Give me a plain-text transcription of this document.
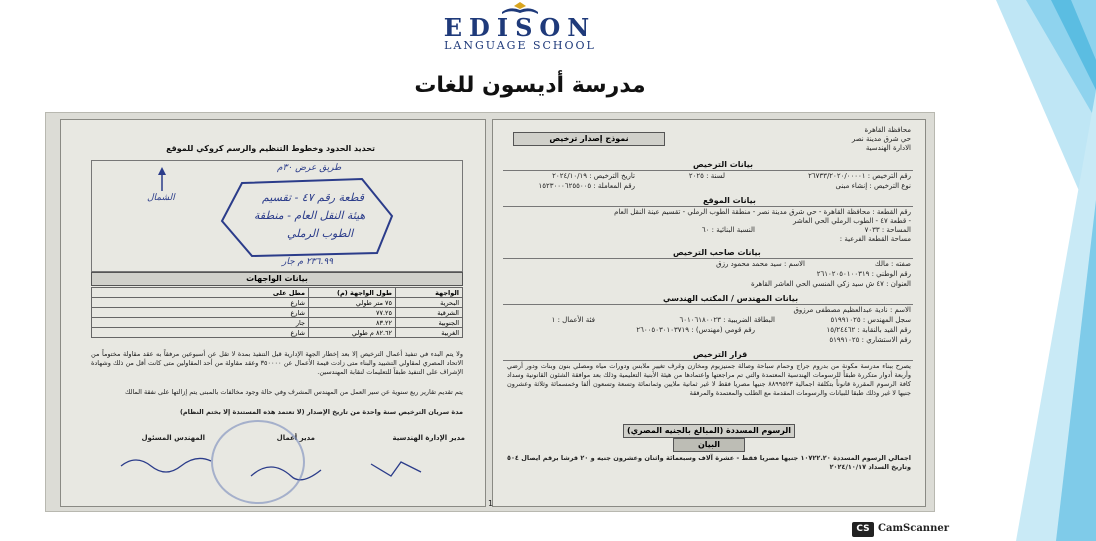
EDISON
LANGUAGE SCHOOL
مدرسة أديسون للغات
تحديد الحدود وخطوط التنظيم والرسم كروكي للموقع
طريق عرض ٣٠م
الشمال	قطعة رقم ٤٧ - تقسيم
هيئة النقل العام - منطقة
الطوب الرملي
٢٣٦.٩٩ م جار
بيانات الواجهات
الواجهة	طول الواجهة (م)	مطل على
البحرية	٧٥ متر طولي	شارع
الشرقية	٧٧.٢٥	شارع
الجنوبية	٨٣.٢٢	جار
الغربية	٨٢.٦٢ م طولي	شارع
ولا يتم البدء في تنفيذ أعمال الترخيص إلا بعد إخطار الجهة الإدارية قبل التنفيذ بمدة لا تقل عن أسبوعين مرفقاً به عقد مقاولة مختوماً من الاتحاد المصري لمقاولي التشييد والبناء متى زادت قيمة الأعمال عن ٣٥٠٠٠٠ وعقد مقاولة من أحد المقاولين متى كانت أقل من ذلك وشهادة الإشراف على التنفيذ طبقاً للتعليمات لنقابة المهندسين.
يتم تقديم تقارير ربع سنوية عن سير العمل من المهندس المشرف وفي حالة وجود مخالفات بالمبنى يتم إزالتها على نفقة المالك
مدة سريان الترخيص سنة واحدة من تاريخ الإصدار (لا تعتمد هذه المستندة إلا بختم النظام)
مدير الإدارة الهندسية
مدير أعمال
المهندس المسئول
محافظة القاهرة
حي شرق مدينة نصر
الادارة الهندسية
نموذج إصدار ترخيص
بيانات الترخيص
رقم الترخيص : ٢٦٧٣٣/٢٠٢٠/٠٠٠٠١
لسنة : ٢٠٢٥
تاريخ الترخيص : ٢٠٢٤/١٠/١٩
نوع الترخيص : إنشاء مبنى
رقم المعاملة : ١٥٢٣٠٠٠٦٢٥٥٠٠٥
بيانات الموقع
رقم القطعة : محافظة القاهرة - حي شرق مدينة نصر - منطقة الطوب الرملي - تقسيم عينة النقل العام
- قطعة ٤٧ - الطوب الرملي الحي العاشر
المساحة : ٧٠٣٣
النسبة البنائية : ٦٠
مساحة القطعة الفرعية :
بيانات صاحب الترخيص
صفته : مالك
الاسم : سيد محمد محمود رزق
رقم الوطني : ٢٦١٠٢٠٥٠١٠٠٣١٩
العنوان : ٤٧ ش سيد زكي المنسي الحي العاشر القاهرة
بيانات المهندس / المكتب الهندسي
الاسم : نادية عبدالعظيم مصطفى مرزوق
سجل المهندس : ٥١٩٩١٠٢٥
البطاقة الضريبية : ٦٠١٠٦١٨٠٠٢٣
فئة الأعمال : ١
رقم القيد بالنقابة : ١٥/٢٤٤٦٢
رقم قومي (مهندس) : ٢٦٠٠٥٠٣٠١٠٣٧١٩
رقم الاستشاري : ٥١٩٩١٠٢٥
قرار الترخيص
يصرح ببناء مدرسة مكونة من بدروم جراج وحمام سباحة وصالة جمنيزيوم ومخازن وغرف تغيير ملابس ودورات مياه ومصلي بنون وبنات ودور أرضي وأربعة أدوار متكررة طبقاً للرسومات الهندسية المعتمدة والتي تم مراجعتها واعتمادها من هيئة الأبنية التعليمية وذلك بعد موافقة الشئون القانونية وسداد كافة الرسوم المقررة قانوناً بتكلفة اجمالية ٨٨٩٩٥٢٣ جنيها مصريا فقط لا غير ثمانية ملايين وثمانمائة وتسعة وتسعون ألفا وخمسمائة وثلاثة وعشرون جنيها لا غير وذلك طبقا للبيانات والرسومات المقدمة مع الطلب والمعتمدة والمرفقة
الرسوم المسددة (المبالغ بالجنيه المصري)
البيان
اجمالي الرسوم المسددة ١٠٧٢٢.٢٠ جنيها مصريا فقط - عشرة آلاف وسبعمائة واثنان وعشرون جنيه و ٢٠ قرشا برقم ايصال ٥٠٤ وتاريخ السداد ٢٠٢٤/١٠/١٧
1
CS CamScanner
